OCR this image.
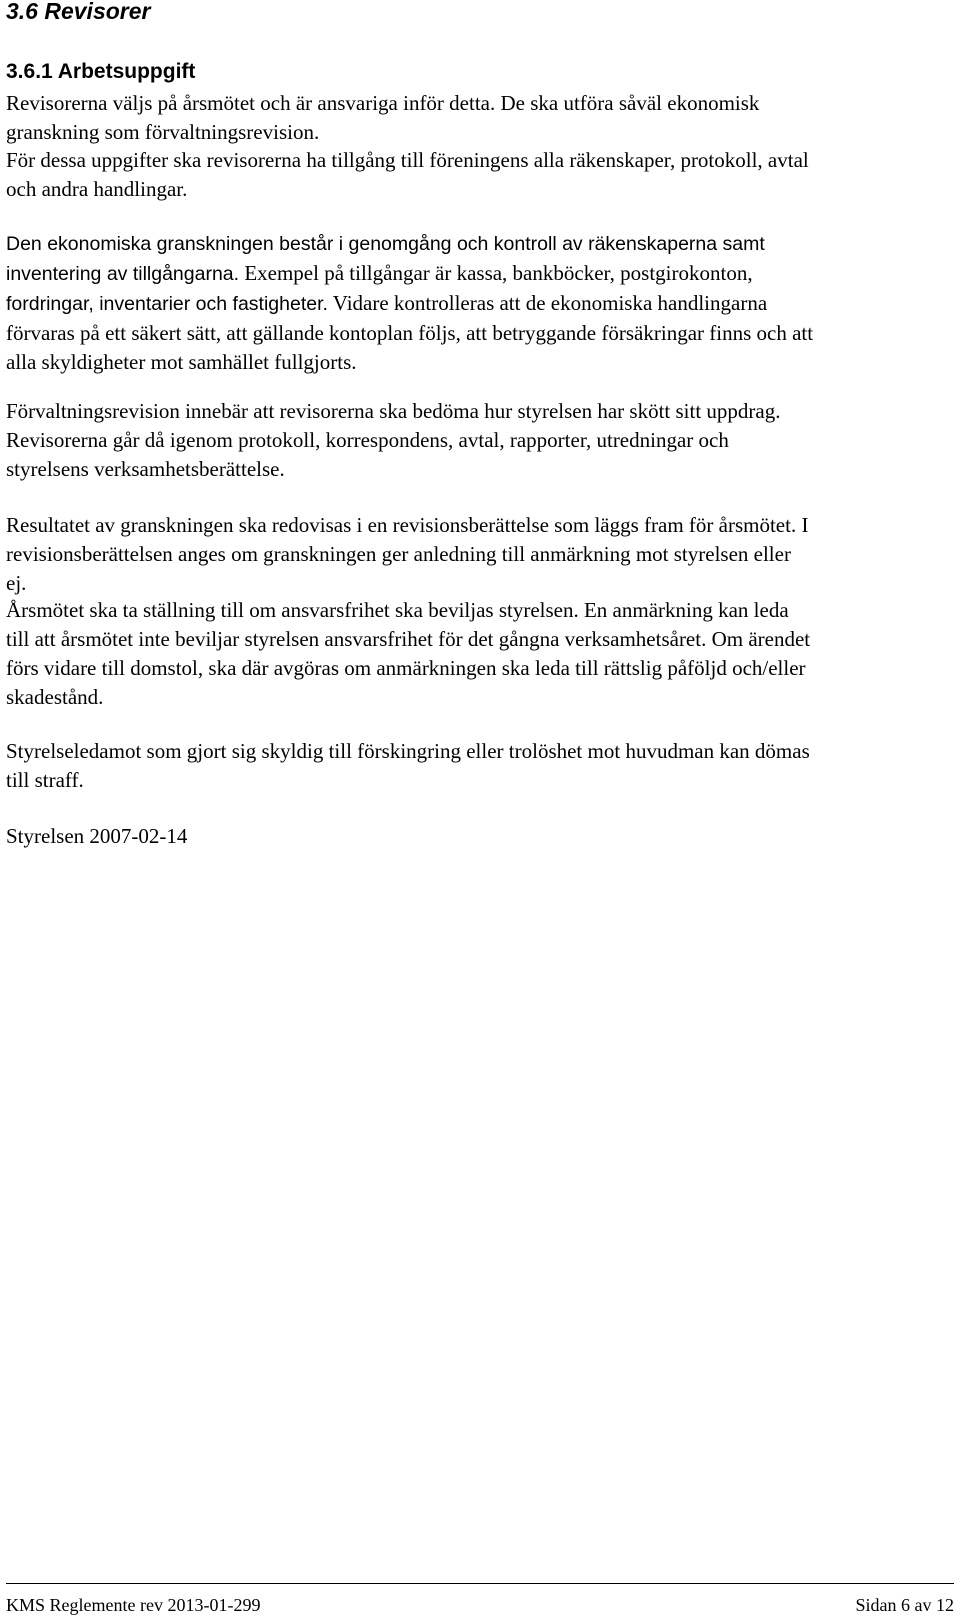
3.6 Revisorer
3.6.1 Arbetsuppgift

Revisorerna väljs på årsmötet och är ansvariga inför detta. De ska utföra såväl ekonomisk
granskning som förvaltningsrevision.

För dessa uppgifter ska revisorerna ha tillgång till föreningens alla räkenskaper, protokoll, avtal
och andra handlingar.

Den ekonomiska granskningen består i genomgång och kontroll av räkenskaperna samt
inventering av tillgångarna. Exempel på tillgångar är kassa, bankböcker, postgirokonton,
fordringar, inventarier och fastigheter. Vidare kontrolleras att de ekonomiska handlingarna
förvaras på ett säkert sätt, att gällande kontoplan följs, att betryggande försäkringar finns och att
alla skyldigheter mot samhället fullgjorts.

Förvaltningsrevision innebär att revisorerna ska bedöma hur styrelsen har skött sitt uppdrag.
Revisorerna går då igenom protokoll, korrespondens, avtal, rapporter, utredningar och
styrelsens verksamhetsberättelse.

Resultatet av granskningen ska redovisas i en revisionsberättelse som läggs fram för årsmötet. I
revisionsberättelsen anges om granskningen ger anledning till anmärkning mot styrelsen eller
ej.

Årsmötet ska ta ställning till om ansvarsfrihet ska beviljas styrelsen. En anmärkning kan leda
till att årsmötet inte beviljar styrelsen ansvarsfrihet för det gångna verksamhetsåret. Om ärendet
förs vidare till domstol, ska där avgöras om anmärkningen ska leda till rättslig påföljd och/eller
skadestånd.

Styrelseledamot som gjort sig skyldig till förskingring eller trolöshet mot huvudman kan dömas
till straff.

Styrelsen 2007-02-14

KMS Reglemente rev 2013-01-299	Sidan 6 av 12
